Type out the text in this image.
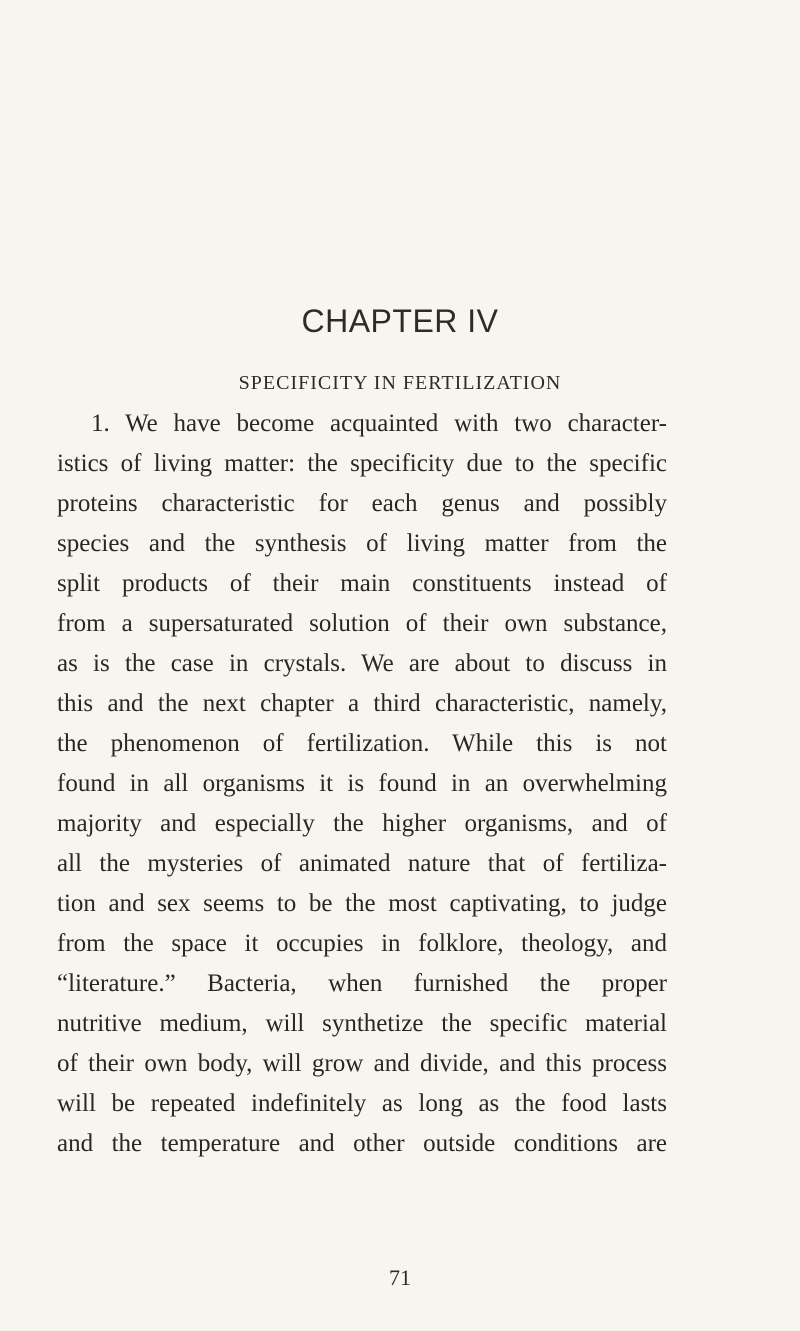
CHAPTER IV
SPECIFICITY IN FERTILIZATION
1. We have become acquainted with two character-
istics of living matter: the specificity due to the specific
proteins characteristic for each genus and possibly
species and the synthesis of living matter from the
split products of their main constituents instead of
from a supersaturated solution of their own substance,
as is the case in crystals. We are about to discuss in
this and the next chapter a third characteristic, namely,
the phenomenon of fertilization. While this is not
found in all organisms it is found in an overwhelming
majority and especially the higher organisms, and of
all the mysteries of animated nature that of fertiliza-
tion and sex seems to be the most captivating, to judge
from the space it occupies in folklore, theology, and
“literature.” Bacteria, when furnished the proper
nutritive medium, will synthetize the specific material
of their own body, will grow and divide, and this process
will be repeated indefinitely as long as the food lasts
and the temperature and other outside conditions are
71
